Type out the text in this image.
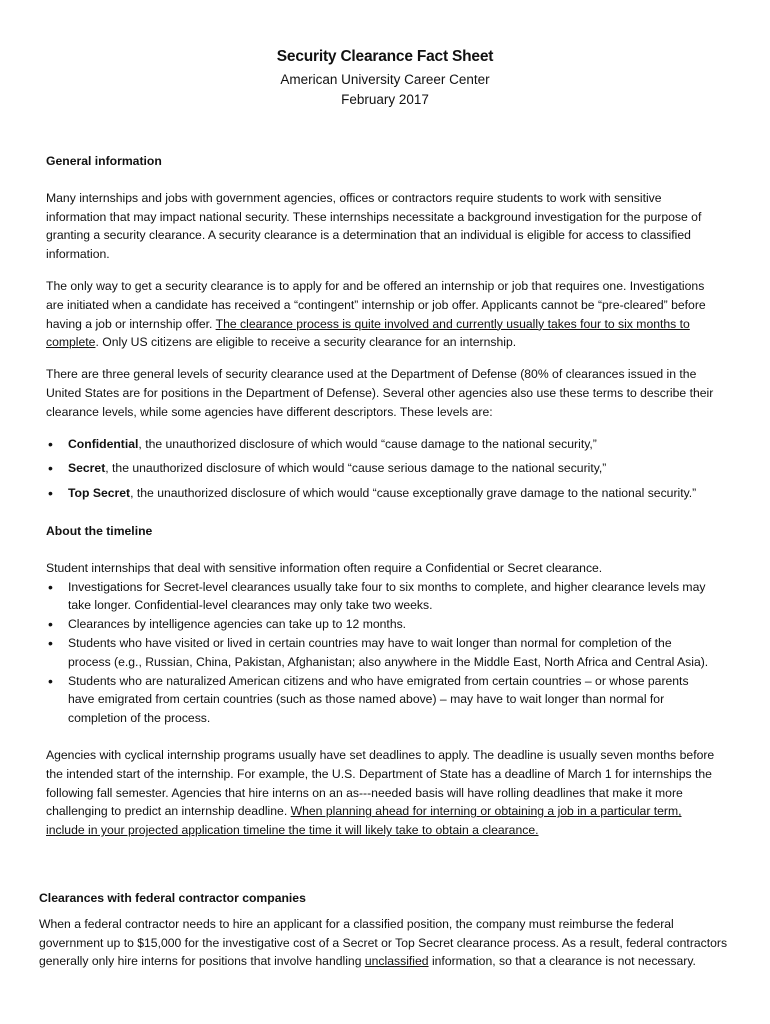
Security Clearance Fact Sheet

American University Career Center

February 2017

General information

Many internships and jobs with government agencies, offices or contractors require students to work with sensitive information that may impact national security. These internships necessitate a background investigation for the purpose of granting a security clearance. A security clearance is a determination that an individual is eligible for access to classified information.

The only way to get a security clearance is to apply for and be offered an internship or job that requires one. Investigations are initiated when a candidate has received a “contingent” internship or job offer. Applicants cannot be “pre-cleared” before having a job or internship offer. The clearance process is quite involved and currently usually takes four to six months to complete. Only US citizens are eligible to receive a security clearance for an internship.

There are three general levels of security clearance used at the Department of Defense (80% of clearances issued in the United States are for positions in the Department of Defense). Several other agencies also use these terms to describe their clearance levels, while some agencies have different descriptors. These levels are:

• Confidential, the unauthorized disclosure of which would “cause damage to the national security,”
• Secret, the unauthorized disclosure of which would “cause serious damage to the national security,”
• Top Secret, the unauthorized disclosure of which would “cause exceptionally grave damage to the national security.”

About the timeline

Student internships that deal with sensitive information often require a Confidential or Secret clearance.

• Investigations for Secret-level clearances usually take four to six months to complete, and higher clearance levels may take longer. Confidential-level clearances may only take two weeks.
• Clearances by intelligence agencies can take up to 12 months.
• Students who have visited or lived in certain countries may have to wait longer than normal for completion of the process (e.g., Russian, China, Pakistan, Afghanistan; also anywhere in the Middle East, North Africa and Central Asia).
• Students who are naturalized American citizens and who have emigrated from certain countries – or whose parents have emigrated from certain countries (such as those named above) – may have to wait longer than normal for completion of the process.

Agencies with cyclical internship programs usually have set deadlines to apply. The deadline is usually seven months before the intended start of the internship. For example, the U.S. Department of State has a deadline of March 1 for internships the following fall semester. Agencies that hire interns on an as---needed basis will have rolling deadlines that make it more challenging to predict an internship deadline. When planning ahead for interning or obtaining a job in a particular term, include in your projected application timeline the time it will likely take to obtain a clearance.

Clearances with federal contractor companies

When a federal contractor needs to hire an applicant for a classified position, the company must reimburse the federal government up to $15,000 for the investigative cost of a Secret or Top Secret clearance process. As a result, federal contractors generally only hire interns for positions that involve handling unclassified information, so that a clearance is not necessary.
